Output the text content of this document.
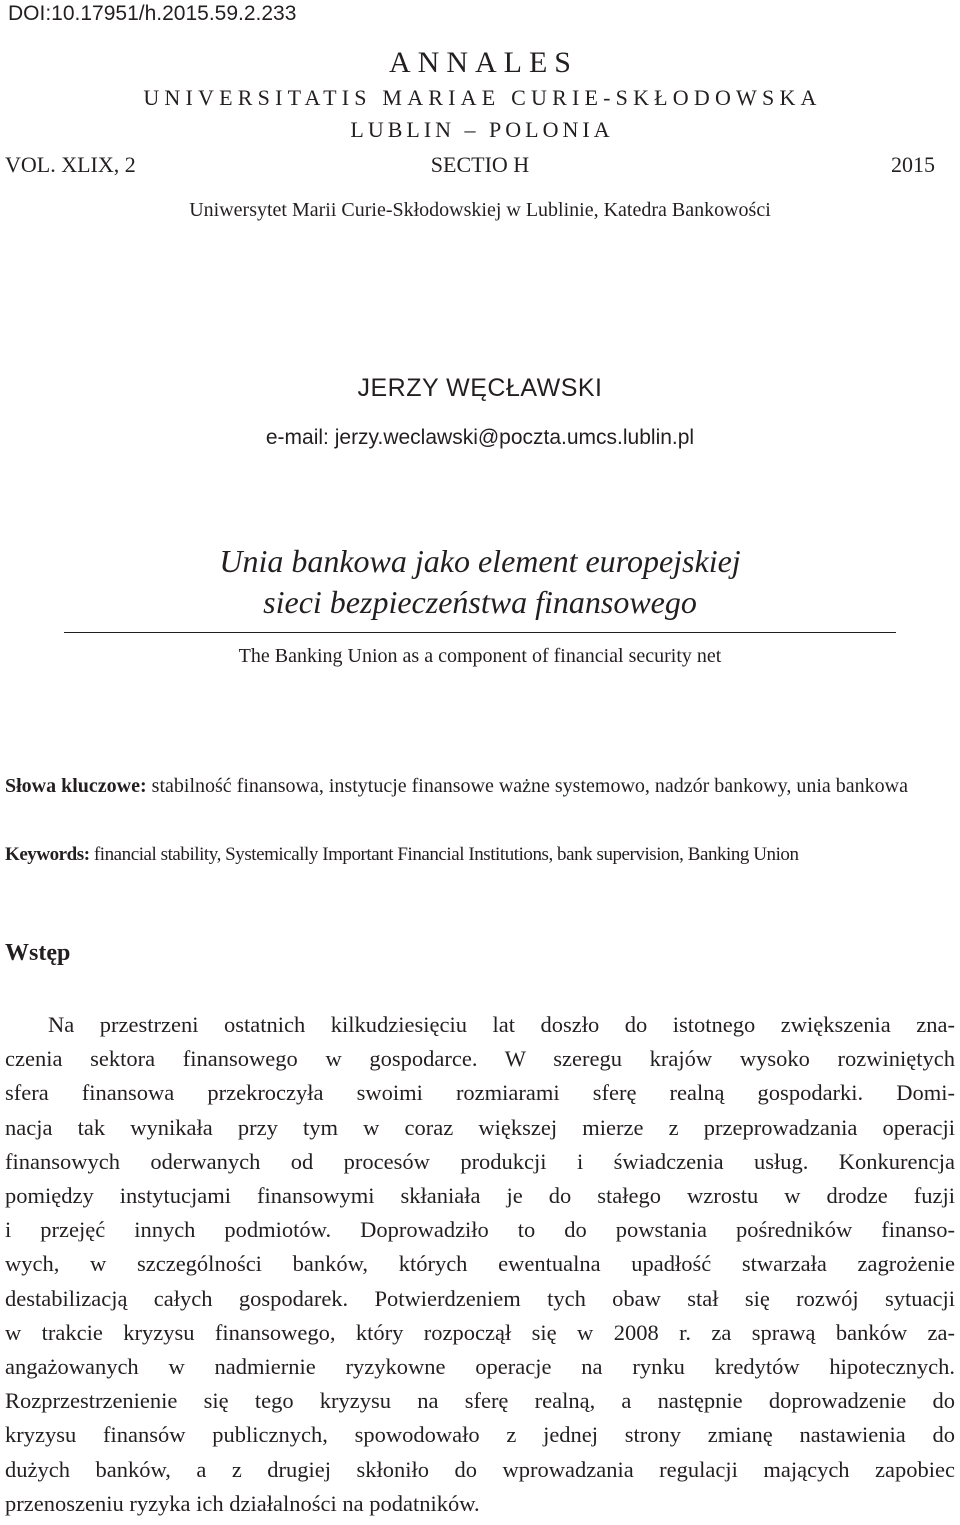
DOI:10.17951/h.2015.59.2.233
ANNALES
UNIVERSITATIS MARIAE CURIE-SKŁODOWSKA
LUBLIN – POLONIA
VOL. XLIX, 2	SECTIO H	2015
Uniwersytet Marii Curie-Skłodowskiej w Lublinie, Katedra Bankowości
JERZY WĘCŁAWSKI
e-mail: jerzy.weclawski@poczta.umcs.lublin.pl
Unia bankowa jako element europejskiej
sieci bezpieczeństwa finansowego
The Banking Union as a component of financial security net
Słowa kluczowe: stabilność finansowa, instytucje finansowe ważne systemowo, nadzór bankowy, unia bankowa
Keywords: financial stability, Systemically Important Financial Institutions, bank supervision, Banking Union
Wstęp
Na przestrzeni ostatnich kilkudziesięciu lat doszło do istotnego zwiększenia zna-
czenia sektora finansowego w gospodarce. W szeregu krajów wysoko rozwiniętych
sfera finansowa przekroczyła swoimi rozmiarami sferę realną gospodarki. Domi-
nacja tak wynikała przy tym w coraz większej mierze z przeprowadzania operacji
finansowych oderwanych od procesów produkcji i świadczenia usług. Konkurencja
pomiędzy instytucjami finansowymi skłaniała je do stałego wzrostu w drodze fuzji
i przejęć innych podmiotów. Doprowadziło to do powstania pośredników finanso-
wych, w szczególności banków, których ewentualna upadłość stwarzała zagrożenie
destabilizacją całych gospodarek. Potwierdzeniem tych obaw stał się rozwój sytuacji
w trakcie kryzysu finansowego, który rozpoczął się w 2008 r. za sprawą banków za-
angażowanych w nadmiernie ryzykowne operacje na rynku kredytów hipotecznych.
Rozprzestrzenienie się tego kryzysu na sferę realną, a następnie doprowadzenie do
kryzysu finansów publicznych, spowodowało z jednej strony zmianę nastawienia do
dużych banków, a z drugiej skłoniło do wprowadzania regulacji mających zapobiec
przenoszeniu ryzyka ich działalności na podatników.
